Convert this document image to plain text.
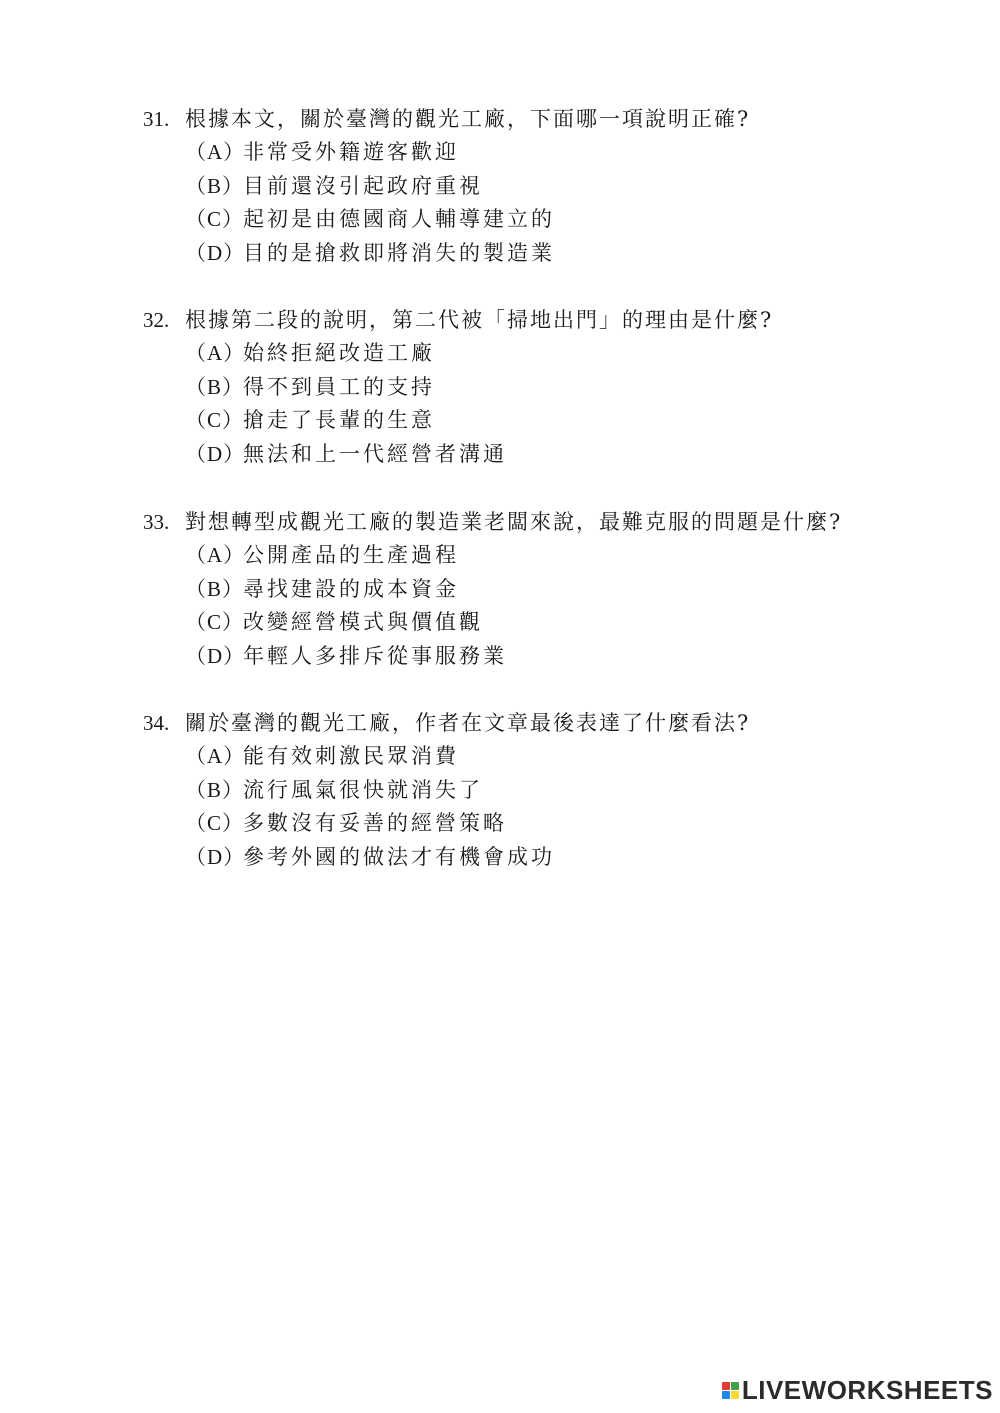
31. 根據本文，關於臺灣的觀光工廠，下面哪一項說明正確?
（A）
非常受外籍遊客歡迎
（B）
目前還沒引起政府重視
（C）
起初是由德國商人輔導建立的
（D）
目的是搶救即將消失的製造業
32. 根據第二段的說明，第二代被「掃地出門」的理由是什麼?
（A）
始終拒絕改造工廠
（B）
得不到員工的支持
（C）
搶走了長輩的生意
（D）
無法和上一代經營者溝通
33. 對想轉型成觀光工廠的製造業老闆來說，最難克服的問題是什麼?
（A）
公開產品的生產過程
（B）
尋找建設的成本資金
（C）
改變經營模式與價值觀
（D）
年輕人多排斥從事服務業
34. 關於臺灣的觀光工廠，作者在文章最後表達了什麼看法?
（A）
能有效刺激民眾消費
（B）
流行風氣很快就消失了
（C）
多數沒有妥善的經營策略
（D）
參考外國的做法才有機會成功
LIVEWORKSHEETS
